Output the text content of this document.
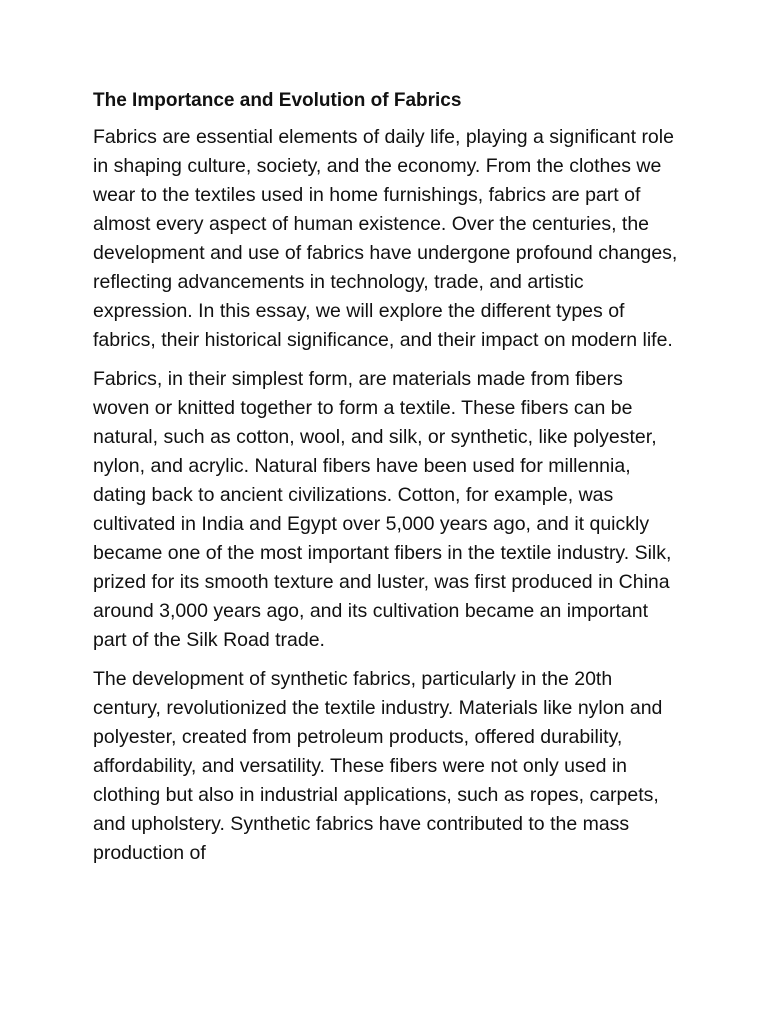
The Importance and Evolution of Fabrics

Fabrics are essential elements of daily life, playing a significant role in shaping culture, society, and the economy. From the clothes we wear to the textiles used in home furnishings, fabrics are part of almost every aspect of human existence. Over the centuries, the development and use of fabrics have undergone profound changes, reflecting advancements in technology, trade, and artistic expression. In this essay, we will explore the different types of fabrics, their historical significance, and their impact on modern life.

Fabrics, in their simplest form, are materials made from fibers woven or knitted together to form a textile. These fibers can be natural, such as cotton, wool, and silk, or synthetic, like polyester, nylon, and acrylic. Natural fibers have been used for millennia, dating back to ancient civilizations. Cotton, for example, was cultivated in India and Egypt over 5,000 years ago, and it quickly became one of the most important fibers in the textile industry. Silk, prized for its smooth texture and luster, was first produced in China around 3,000 years ago, and its cultivation became an important part of the Silk Road trade.

The development of synthetic fabrics, particularly in the 20th century, revolutionized the textile industry. Materials like nylon and polyester, created from petroleum products, offered durability, affordability, and versatility. These fibers were not only used in clothing but also in industrial applications, such as ropes, carpets, and upholstery. Synthetic fabrics have contributed to the mass production of
